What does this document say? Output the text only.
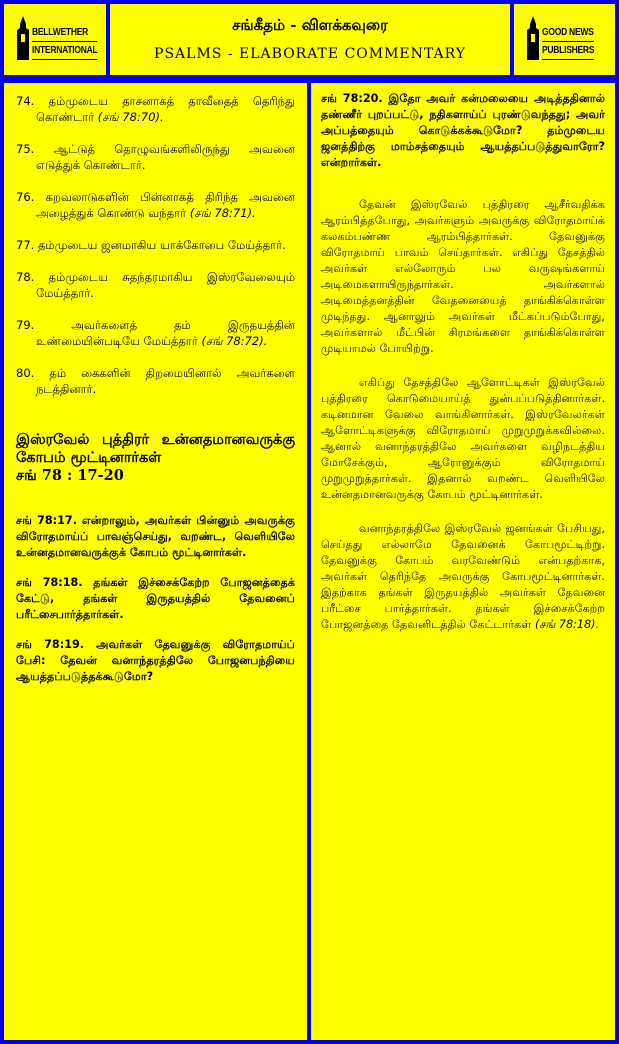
BELLWETHER
INTERNATIONAL
சங்கீதம் - விளக்கவுரை
PSALMS - ELABORATE COMMENTARY
GOOD NEWS
PUBLISHERS

74. தம்முடைய தாசனாகத் தாவீதைத் தெரிந்து கொண்டார் (சங் 78:70).

75. ஆட்டுத் தொழுவங்களிலிருந்து அவனை எடுத்துக் கொண்டார்.

76. கறவலாடுகளின் பின்னாகத் திரிந்த அவனை அழைத்துக் கொண்டு வந்தார் (சங் 78:71).

77. தம்முடைய ஜனமாகிய யாக்கோபை மேய்த்தார்.

78. தம்முடைய சுதந்தரமாகிய இஸ்ரவேலையும் மேய்த்தார்.

79. அவர்களைத் தம் இருதயத்தின் உண்மையின்படியே மேய்த்தார் (சங் 78:72).

80. தம் கைகளின் திறமையினால் அவர்களை நடத்தினார்.

இஸ்ரவேல் புத்திரர் உன்னதமானவருக்கு கோபம் மூட்டினார்கள்
சங் 78 : 17-20

சங் 78:17. என்றாலும், அவர்கள் பின்னும் அவருக்கு விரோதமாய்ப் பாவஞ்செய்து, வறண்ட, வெளியிலே உன்னதமானவருக்குக் கோபம் மூட்டினார்கள்.

சங் 78:18. தங்கள் இச்சைக்கேற்ற போஜனத்தைக் கேட்டு, தங்கள் இருதயத்தில் தேவனைப் பரீட்சைபார்த்தார்கள்.

சங் 78:19. அவர்கள் தேவனுக்கு விரோதமாய்ப் பேசி: தேவன் வனாந்தரத்திலே போஜனபந்தியை ஆயத்தப்படுத்தக்கூடுமோ?

சங் 78:20. இதோ அவர் கன்மலையை அடித்ததினால் தண்ணீர் புறப்பட்டு, நதிகளாய்ப் புரண்டுவந்தது; அவர் அப்பத்தையும் கொடுக்கக்கூடுமோ? தம்முடைய ஜனத்திற்கு மாம்சத்தையும் ஆயத்தப்படுத்துவாரோ? என்றார்கள்.

தேவன் இஸ்ரவேல் புத்திரரை ஆசீர்வதிக்க ஆரம்பித்தபோது, அவர்களும் அவருக்கு விரோதமாய்க் கலகம்பண்ண ஆரம்பித்தார்கள். தேவனுக்கு விரோதமாய் பாவம் செய்தார்கள். எகிப்து தேசத்தில் அவர்கள் எல்லோரும் பல வருஷங்களாய் அடிமைகளாயிருந்தார்கள். அவர்களால் அடிமைத்தனத்தின் வேதனையைத் தாங்கிக்கொள்ள முடிந்தது. ஆனாலும் அவர்கள் மீட்கப்படும்போது, அவர்களால் மீட்பின் சிரமங்களை தாங்கிக்கொள்ள முடியாமல் போயிற்று.

எகிப்து தேசத்திலே ஆளோட்டிகள் இஸ்ரவேல் புத்திரரை கொடுமையாய்த் துன்பப்படுத்தினார்கள். கடினமான வேலை வாங்கினார்கள். இஸ்ரவேலர்கள் ஆளோட்டிகளுக்கு விரோதமாய் முறுமுறுக்கவில்லை. ஆனால் வனாந்தரத்திலே அவர்களை வழிநடத்திய மோசேக்கும், ஆரோனுக்கும் விரோதமாய் முறுமுறுத்தார்கள். இதனால் வறண்ட வெளியிலே உன்னதமானவருக்கு கோபம் மூட்டினார்கள்.

வனாந்தரத்திலே இஸ்ரவேல் ஜனங்கள் பேசியது, செய்தது எல்லாமே தேவனைக் கோபமூட்டிற்று. தேவனுக்கு கோபம் வரவேண்டும் என்பதற்காக, அவர்கள் தெரிந்தே அவருக்கு கோபமூட்டினார்கள். இதற்காக தங்கள் இருதயத்தில் அவர்கள் தேவனை பரீட்சை பார்த்தார்கள். தங்கள் இச்சைக்கேற்ற போஜனத்தை தேவனிடத்தில் கேட்டார்கள் (சங் 78:18).
